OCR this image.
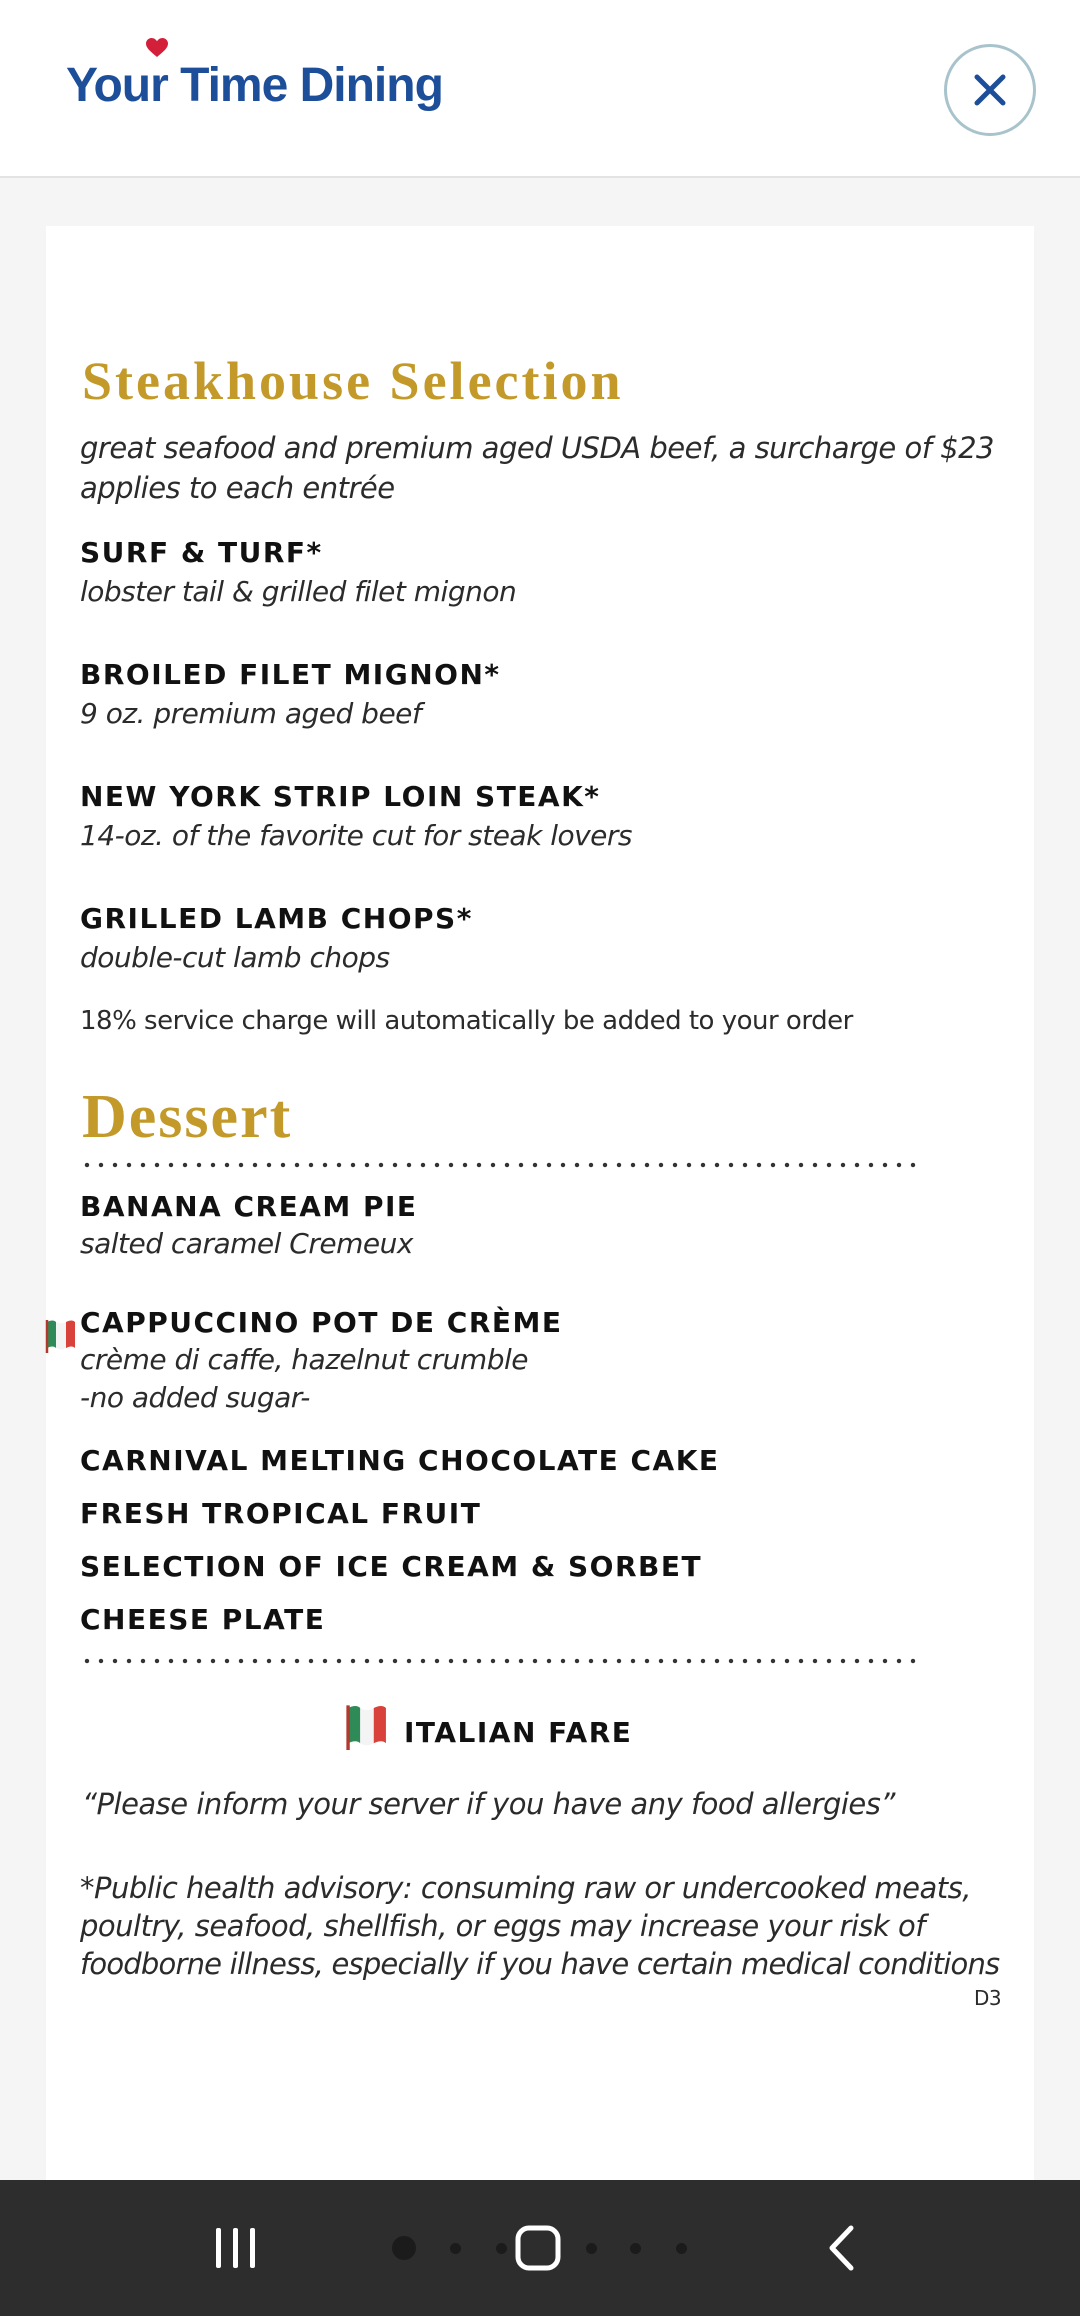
Your Time Dining
Steakhouse Selection
great seafood and premium aged USDA beef, a surcharge of $23
applies to each entrée
SURF & TURF*
lobster tail & grilled filet mignon
BROILED FILET MIGNON*
9 oz. premium aged beef
NEW YORK STRIP LOIN STEAK*
14-oz. of the favorite cut for steak lovers
GRILLED LAMB CHOPS*
double-cut lamb chops
18% service charge will automatically be added to your order
Dessert
BANANA CREAM PIE
salted caramel Cremeux
CAPPUCCINO POT DE CRÈME
crème di caffe, hazelnut crumble
-no added sugar-
CARNIVAL MELTING CHOCOLATE CAKE
FRESH TROPICAL FRUIT
SELECTION OF ICE CREAM & SORBET
CHEESE PLATE
ITALIAN FARE
“Please inform your server if you have any food allergies”
*Public health advisory: consuming raw or undercooked meats,
poultry, seafood, shellfish, or eggs may increase your risk of
foodborne illness, especially if you have certain medical conditions
D3
